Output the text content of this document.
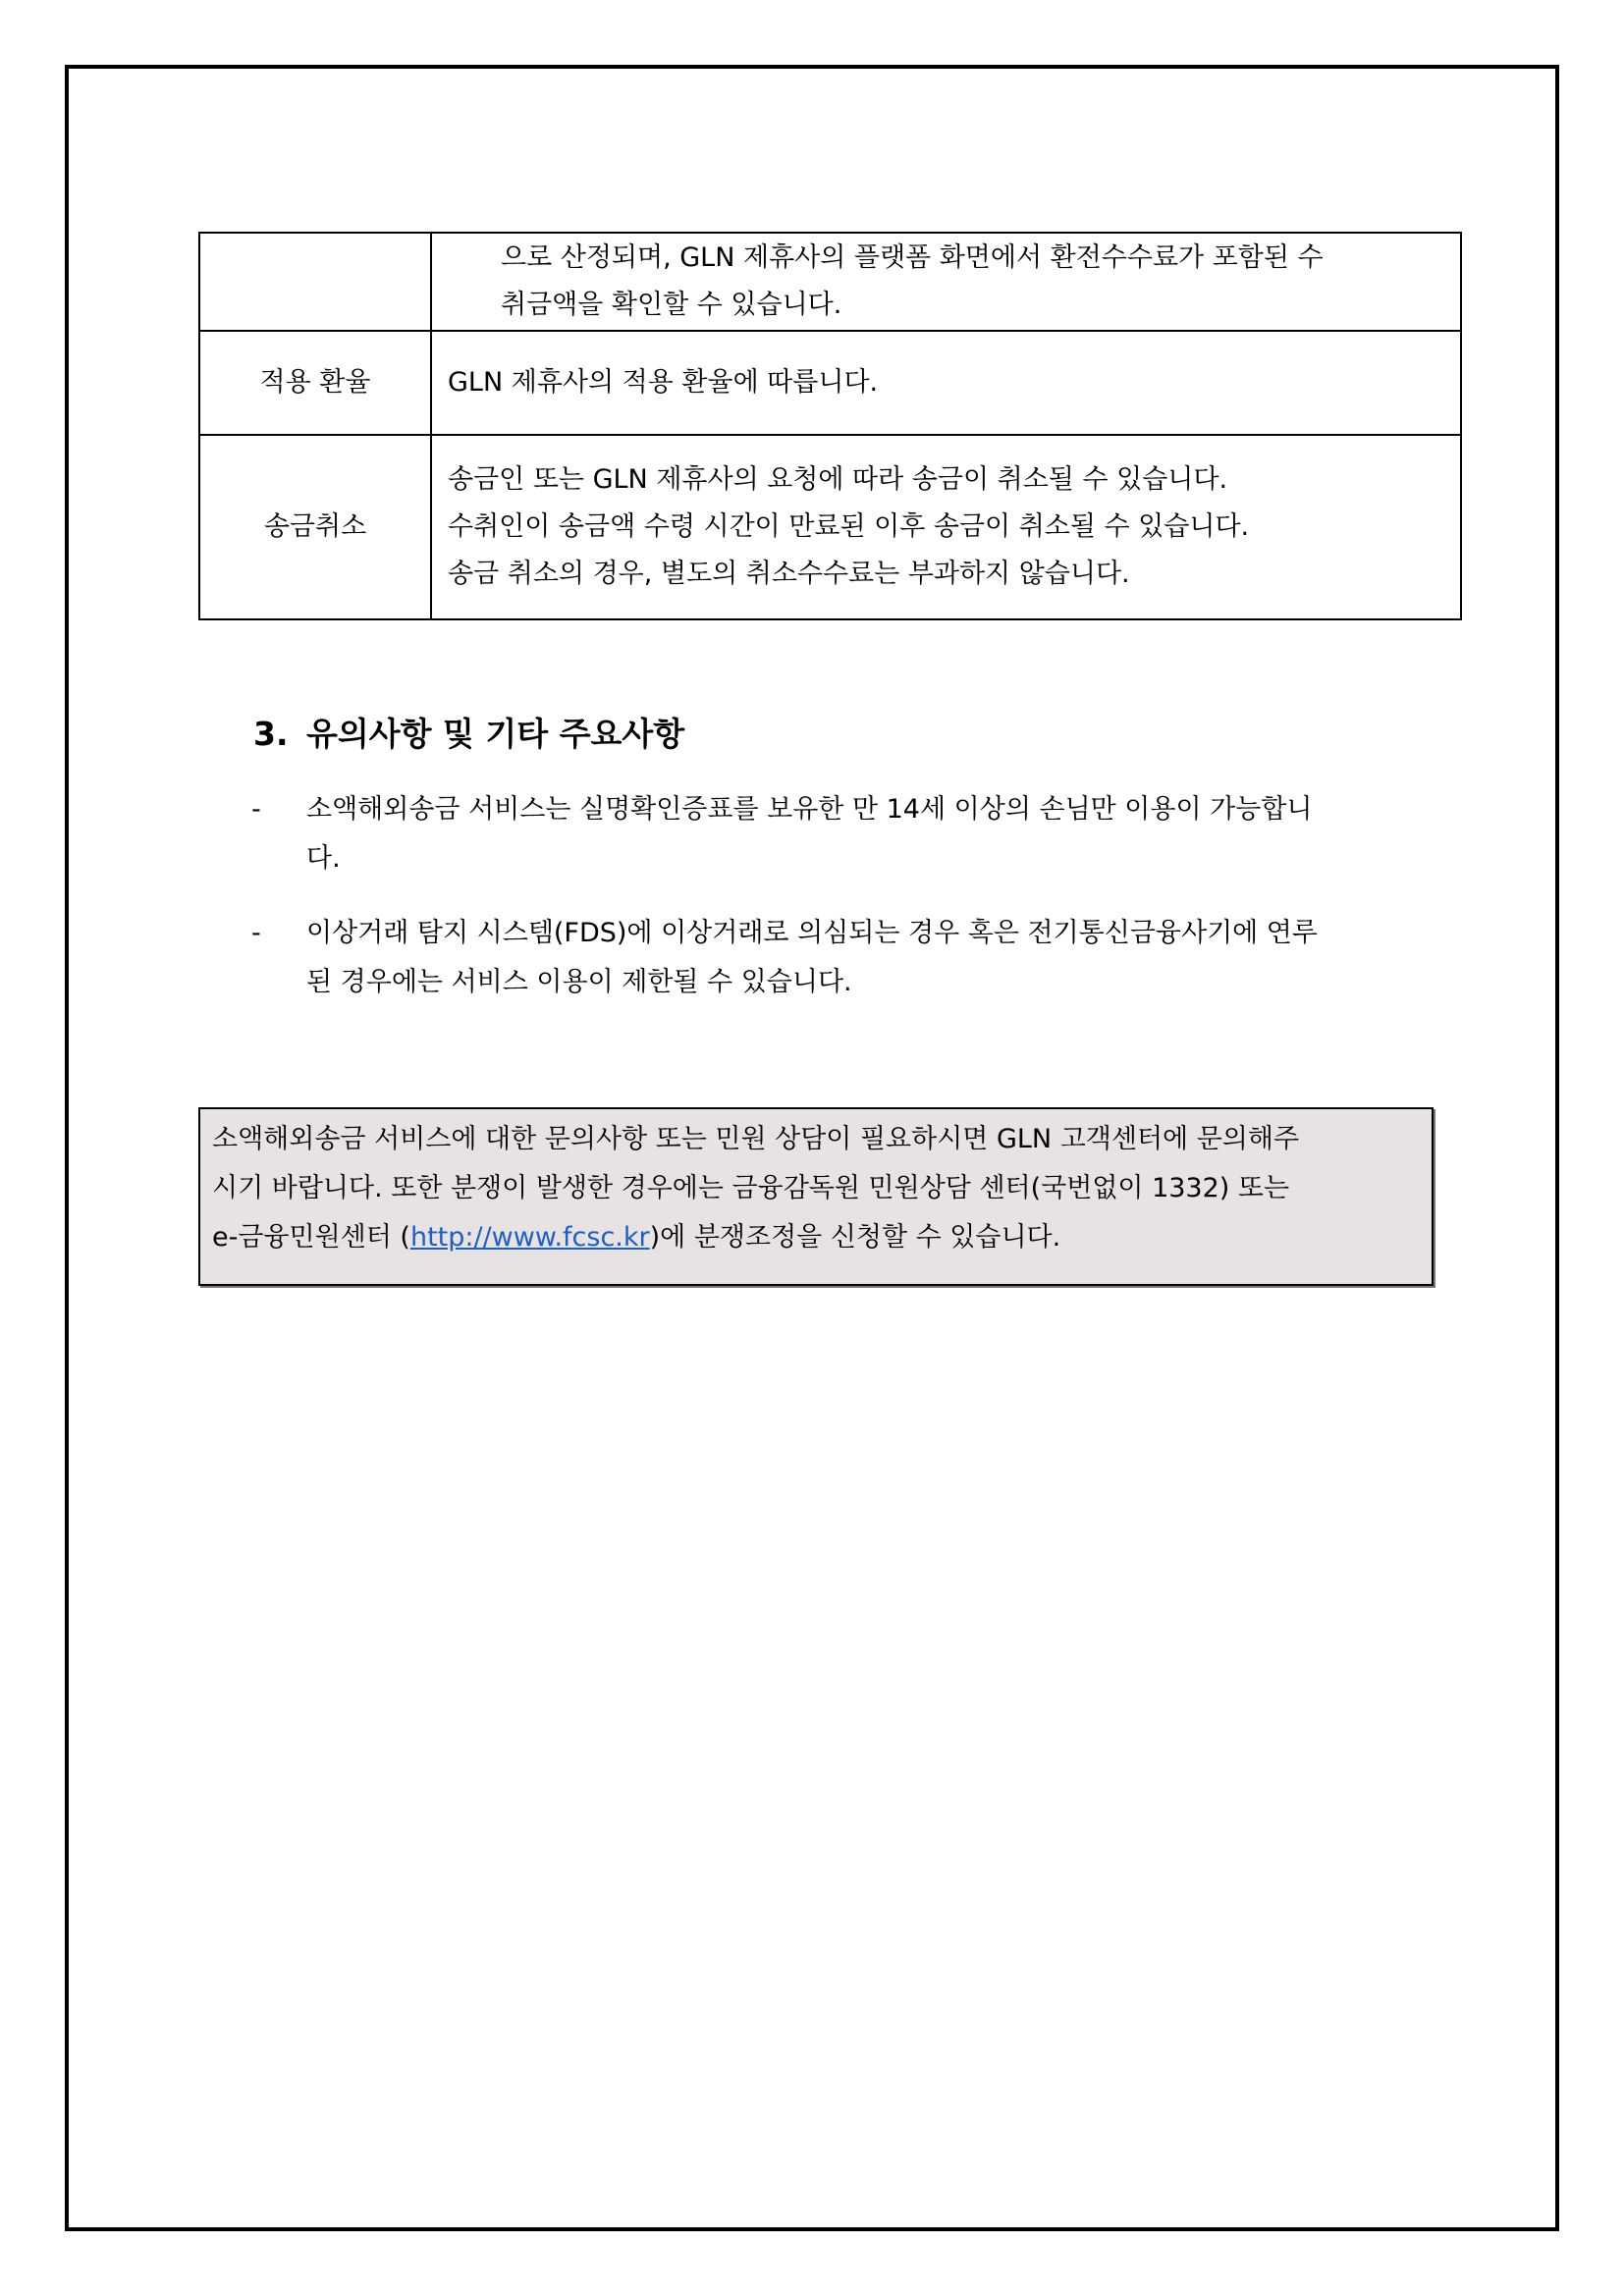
	으로 산정되며, GLN 제휴사의 플랫폼 화면에서 환전수수료가 포함된 수
취금액을 확인할 수 있습니다.

적용 환율	GLN 제휴사의 적용 환율에 따릅니다.

송금취소	송금인 또는 GLN 제휴사의 요청에 따라 송금이 취소될 수 있습니다.
수취인이 송금액 수령 시간이 만료된 이후 송금이 취소될 수 있습니다.
송금 취소의 경우, 별도의 취소수수료는 부과하지 않습니다.
3. 유의사항 및 기타 주요사항
- 소액해외송금 서비스는 실명확인증표를 보유한 만 14세 이상의 손님만 이용이 가능합니
다.
- 이상거래 탐지 시스템(FDS)에 이상거래로 의심되는 경우 혹은 전기통신금융사기에 연루
된 경우에는 서비스 이용이 제한될 수 있습니다.
소액해외송금 서비스에 대한 문의사항 또는 민원 상담이 필요하시면 GLN 고객센터에 문의해주
시기 바랍니다. 또한 분쟁이 발생한 경우에는 금융감독원 민원상담 센터(국번없이 1332) 또는
e-금융민원센터 (http://www.fcsc.kr)에 분쟁조정을 신청할 수 있습니다.
